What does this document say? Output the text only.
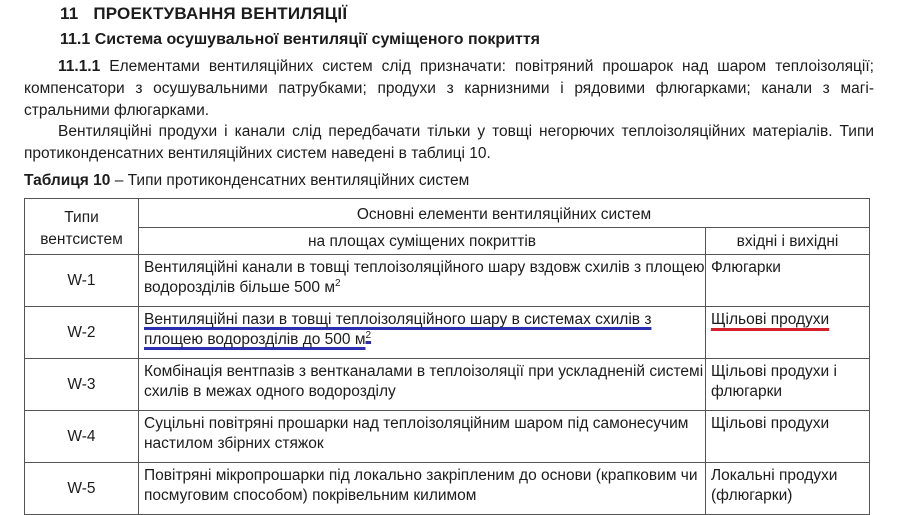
11 ПРОЕКТУВАННЯ ВЕНТИЛЯЦІЇ
11.1 Система осушувальної вентиляції суміщеного покриття
11.1.1 Елементами вентиляційних систем слід призначати: повітряний прошарок над шаром теплоізоляції; компенсатори з осушувальними патрубками; продухи з карнизними і рядовими флюгарками; канали з магі-стральними флюгарками.
Вентиляційні продухи і канали слід передбачати тільки у товщі негорючих теплоізоляційних матеріалів. Типи протиконденсатних вентиляційних систем наведені в таблиці 10.
Таблиця 10 – Типи протиконденсатних вентиляційних систем
Типи вентсистем	Основні елементи вентиляційних систем	
	на площах суміщених покриттів	вхідні і вихідні
W-1	Вентиляційні канали в товщі теплоізоляційного шару вздовж схилів з площею водорозділів більше 500 $м^2$	Флюгарки
W-2	Вентиляційні пази в товщі теплоізоляційного шару в системах схилів з площею водорозділів до 500 $м^2$	Щільові продухи
W-3	Комбінація вентпазів з вентканалами в теплоізоляції при ускладненій системі схилів в межах одного водорозділу	Щільові продухи і флюгарки
W-4	Суцільні повітряні прошарки над теплоізоляційним шаром під самонесучим настилом збірних стяжок	Щільові продухи
W-5	Повітряні мікропрошарки під локально закріпленим до основи (крапковим чи посмуговим способом) покрівельним килимом	Локальні продухи (флюгарки)
